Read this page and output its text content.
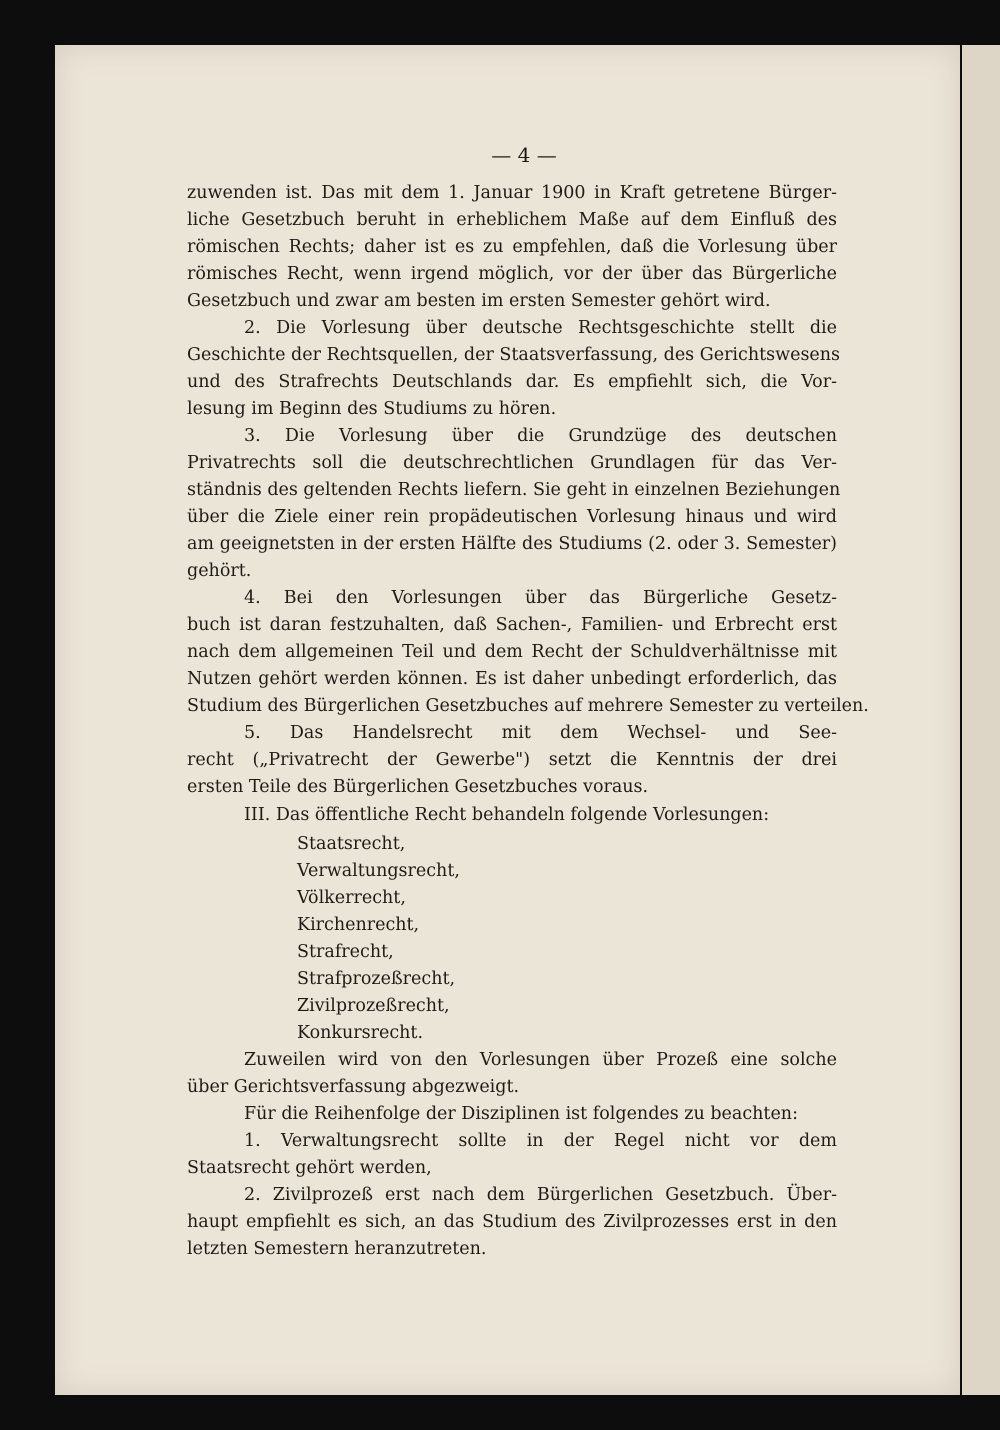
— 4 —
zuwenden ist. Das mit dem 1. Januar 1900 in Kraft getretene Bürger-
liche Gesetzbuch beruht in erheblichem Maße auf dem Einfluß des
römischen Rechts; daher ist es zu empfehlen, daß die Vorlesung über
römisches Recht, wenn irgend möglich, vor der über das Bürgerliche
Gesetzbuch und zwar am besten im ersten Semester gehört wird.
2. Die Vorlesung über deutsche Rechtsgeschichte stellt die
Geschichte der Rechtsquellen, der Staatsverfassung, des Gerichtswesens
und des Strafrechts Deutschlands dar. Es empfiehlt sich, die Vor-
lesung im Beginn des Studiums zu hören.
3. Die Vorlesung über die Grundzüge des deutschen
Privatrechts soll die deutschrechtlichen Grundlagen für das Ver-
ständnis des geltenden Rechts liefern. Sie geht in einzelnen Beziehungen
über die Ziele einer rein propädeutischen Vorlesung hinaus und wird
am geeignetsten in der ersten Hälfte des Studiums (2. oder 3. Semester)
gehört.
4. Bei den Vorlesungen über das Bürgerliche Gesetz-
buch ist daran festzuhalten, daß Sachen-, Familien- und Erbrecht erst
nach dem allgemeinen Teil und dem Recht der Schuldverhältnisse mit
Nutzen gehört werden können. Es ist daher unbedingt erforderlich, das
Studium des Bürgerlichen Gesetzbuches auf mehrere Semester zu verteilen.
5. Das Handelsrecht mit dem Wechsel- und See-
recht („Privatrecht der Gewerbe") setzt die Kenntnis der drei
ersten Teile des Bürgerlichen Gesetzbuches voraus.
III. Das öffentliche Recht behandeln folgende Vorlesungen:
Staatsrecht,
Verwaltungsrecht,
Völkerrecht,
Kirchenrecht,
Strafrecht,
Strafprozeßrecht,
Zivilprozeßrecht,
Konkursrecht.
Zuweilen wird von den Vorlesungen über Prozeß eine solche
über Gerichtsverfassung abgezweigt.
Für die Reihenfolge der Disziplinen ist folgendes zu beachten:
1. Verwaltungsrecht sollte in der Regel nicht vor dem
Staatsrecht gehört werden,
2. Zivilprozeß erst nach dem Bürgerlichen Gesetzbuch. Über-
haupt empfiehlt es sich, an das Studium des Zivilprozesses erst in den
letzten Semestern heranzutreten.
